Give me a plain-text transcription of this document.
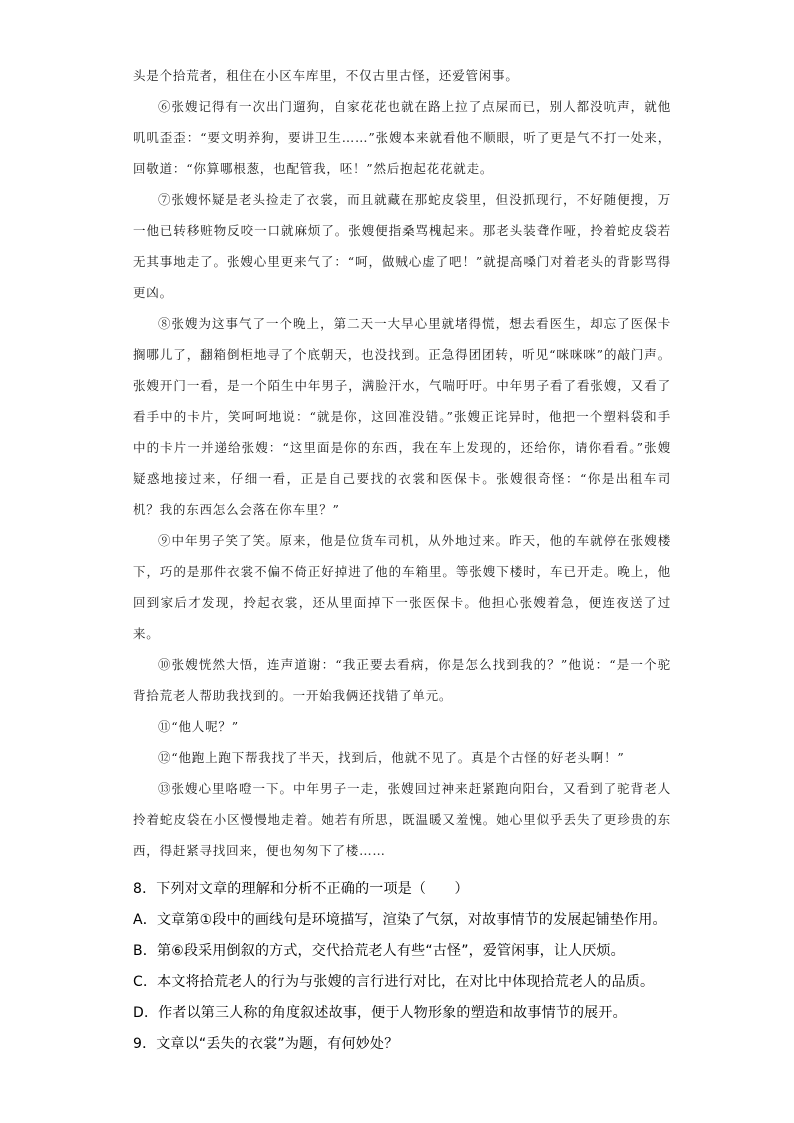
头是个拾荒者，租住在小区车库里，不仅古里古怪，还爱管闲事。

⑥张嫂记得有一次出门遛狗，自家花花也就在路上拉了点屎而已，别人都没吭声，就他叽叽歪歪：“要文明养狗，要讲卫生……”张嫂本来就看他不顺眼，听了更是气不打一处来，回敬道：“你算哪根葱，也配管我，呸！”然后抱起花花就走。

⑦张嫂怀疑是老头捡走了衣裳，而且就藏在那蛇皮袋里，但没抓现行，不好随便搜，万一他已转移赃物反咬一口就麻烦了。张嫂便指桑骂槐起来。那老头装聋作哑，拎着蛇皮袋若无其事地走了。张嫂心里更来气了：“呵，做贼心虚了吧！”就提高嗓门对着老头的背影骂得更凶。

⑧张嫂为这事气了一个晚上，第二天一大早心里就堵得慌，想去看医生，却忘了医保卡搁哪儿了，翻箱倒柜地寻了个底朝天，也没找到。正急得团团转，听见“咪咪咪”的敲门声。张嫂开门一看，是一个陌生中年男子，满脸汗水，气喘吁吁。中年男子看了看张嫂，又看了看手中的卡片，笑呵呵地说：“就是你，这回准没错。”张嫂正诧异时，他把一个塑料袋和手中的卡片一并递给张嫂：“这里面是你的东西，我在车上发现的，还给你，请你看看。”张嫂疑惑地接过来，仔细一看，正是自己要找的衣裳和医保卡。张嫂很奇怪：“你是出租车司机？我的东西怎么会落在你车里？”

⑨中年男子笑了笑。原来，他是位货车司机，从外地过来。昨天，他的车就停在张嫂楼下，巧的是那件衣裳不偏不倚正好掉进了他的车箱里。等张嫂下楼时，车已开走。晚上，他回到家后才发现，拎起衣裳，还从里面掉下一张医保卡。他担心张嫂着急，便连夜送了过来。

⑩张嫂恍然大悟，连声道谢：“我正要去看病，你是怎么找到我的？”他说：“是一个驼背拾荒老人帮助我找到的。一开始我俩还找错了单元。

⑪“他人呢？”

⑫“他跑上跑下帮我找了半天，找到后，他就不见了。真是个古怪的好老头啊！”

⑬张嫂心里咯噔一下。中年男子一走，张嫂回过神来赶紧跑向阳台，又看到了驼背老人拎着蛇皮袋在小区慢慢地走着。她若有所思，既温暖又羞愧。她心里似乎丢失了更珍贵的东西，得赶紧寻找回来，便也匆匆下了楼……

8．下列对文章的理解和分析不正确的一项是（　　）

A．文章第①段中的画线句是环境描写，渲染了气氛，对故事情节的发展起铺垫作用。

B．第⑥段采用倒叙的方式，交代拾荒老人有些“古怪”，爱管闲事，让人厌烦。

C．本文将拾荒老人的行为与张嫂的言行进行对比，在对比中体现拾荒老人的品质。

D．作者以第三人称的角度叙述故事，便于人物形象的塑造和故事情节的展开。

9．文章以“丢失的衣裳”为题，有何妙处？
